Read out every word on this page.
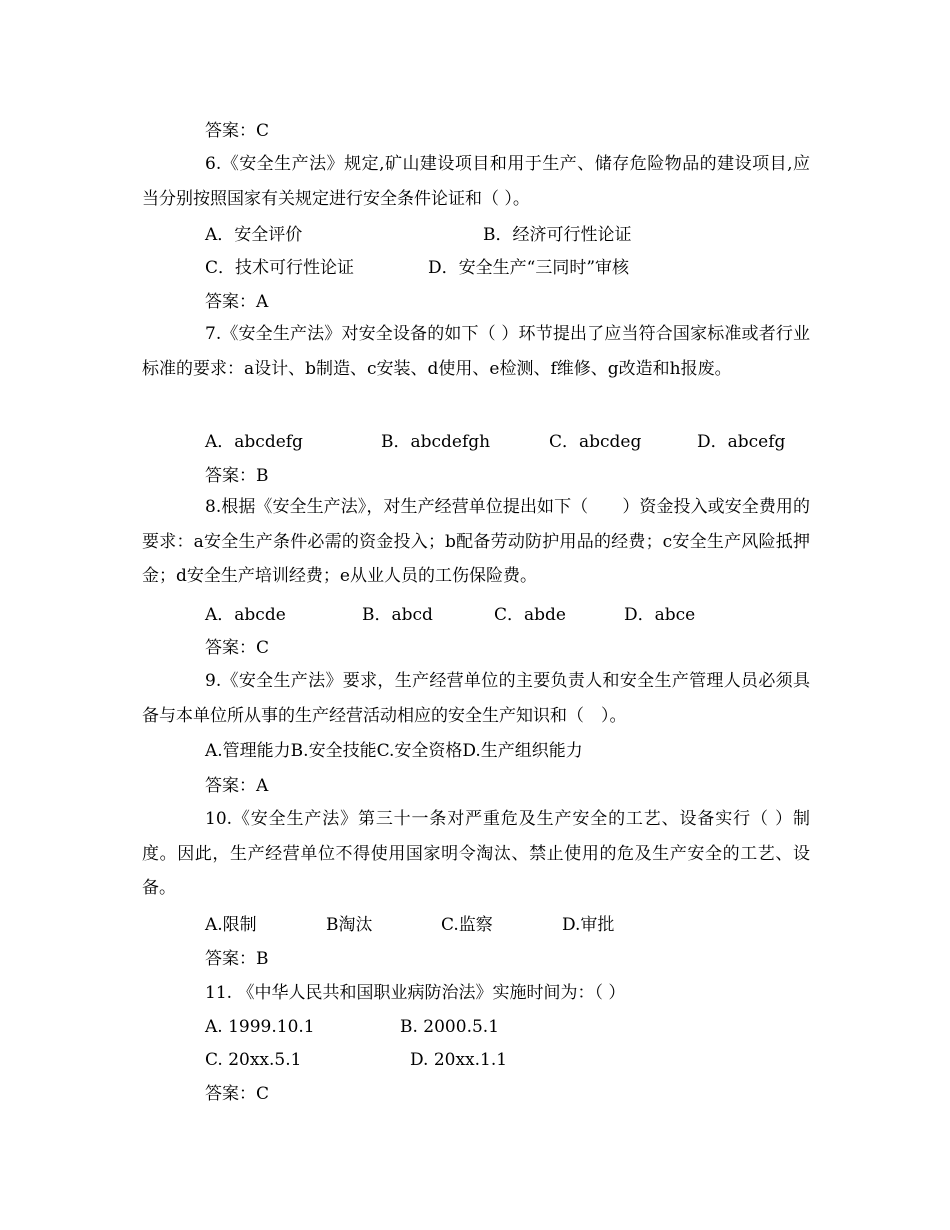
答案：C
6.《安全生产法》规定,矿山建设项目和用于生产、储存危险物品的建设项目,应当分别按照国家有关规定进行安全条件论证和（ ）。
A．安全评价	B．经济可行性论证
C．技术可行性论证	D．安全生产“三同时”审核
答案：A
7.《安全生产法》对安全设备的如下（ ）环节提出了应当符合国家标准或者行业标准的要求：a设计、b制造、c安装、d使用、e检测、f维修、g改造和h报废。
A．abcdefg	B．abcdefgh	C．abcdeg	D．abcefg
答案：B
8.根据《安全生产法》，对生产经营单位提出如下（　　）资金投入或安全费用的要求：a安全生产条件必需的资金投入；b配备劳动防护用品的经费；c安全生产风险抵押金；d安全生产培训经费；e从业人员的工伤保险费。
A．abcde	B．abcd	C．abde	D．abce
答案：C
9.《安全生产法》要求，生产经营单位的主要负责人和安全生产管理人员必须具备与本单位所从事的生产经营活动相应的安全生产知识和（　）。
A.管理能力B.安全技能C.安全资格D.生产组织能力
答案：A
10.《安全生产法》第三十一条对严重危及生产安全的工艺、设备实行（ ）制度。因此，生产经营单位不得使用国家明令淘汰、禁止使用的危及生产安全的工艺、设备。
A.限制	B淘汰	C.监察	D.审批
答案：B
11. 《中华人民共和国职业病防治法》实施时间为：（ ）
A. 1999.10.1	B. 2000.5.1
C. 20xx.5.1	D. 20xx.1.1
答案：C
